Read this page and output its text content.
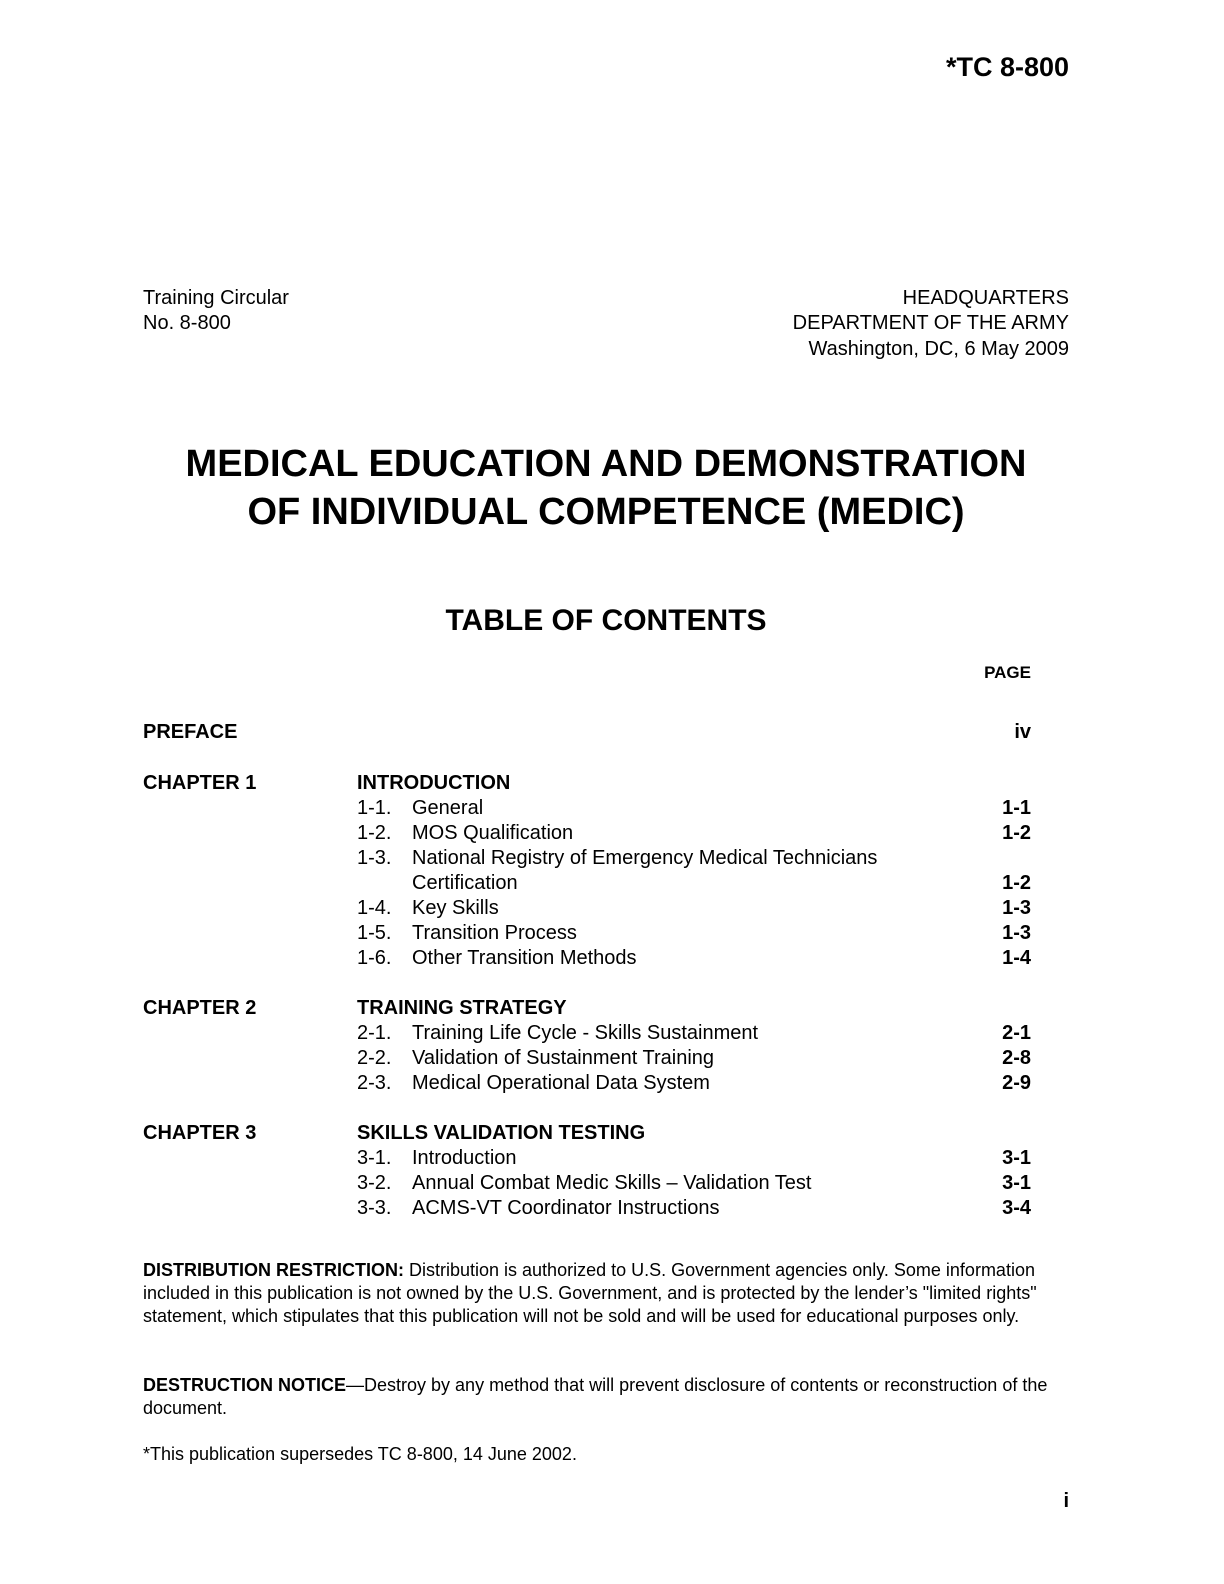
*TC 8-800
Training Circular
No. 8-800
HEADQUARTERS
DEPARTMENT OF THE ARMY
Washington, DC, 6 May 2009
MEDICAL EDUCATION AND DEMONSTRATION
OF INDIVIDUAL COMPETENCE (MEDIC)
TABLE OF CONTENTS
PAGE
PREFACE	iv
CHAPTER 1	INTRODUCTION
1-1. General	1-1
1-2. MOS Qualification	1-2
1-3. National Registry of Emergency Medical Technicians
Certification	1-2
1-4. Key Skills	1-3
1-5. Transition Process	1-3
1-6. Other Transition Methods	1-4
CHAPTER 2	TRAINING STRATEGY
2-1. Training Life Cycle - Skills Sustainment	2-1
2-2. Validation of Sustainment Training	2-8
2-3. Medical Operational Data System	2-9
CHAPTER 3	SKILLS VALIDATION TESTING
3-1. Introduction	3-1
3-2. Annual Combat Medic Skills – Validation Test	3-1
3-3. ACMS-VT Coordinator Instructions	3-4
DISTRIBUTION RESTRICTION: Distribution is authorized to U.S. Government agencies only. Some information included in this publication is not owned by the U.S. Government, and is protected by the lender’s "limited rights" statement, which stipulates that this publication will not be sold and will be used for educational purposes only.
DESTRUCTION NOTICE—Destroy by any method that will prevent disclosure of contents or reconstruction of the document.
*This publication supersedes TC 8-800, 14 June 2002.
i
